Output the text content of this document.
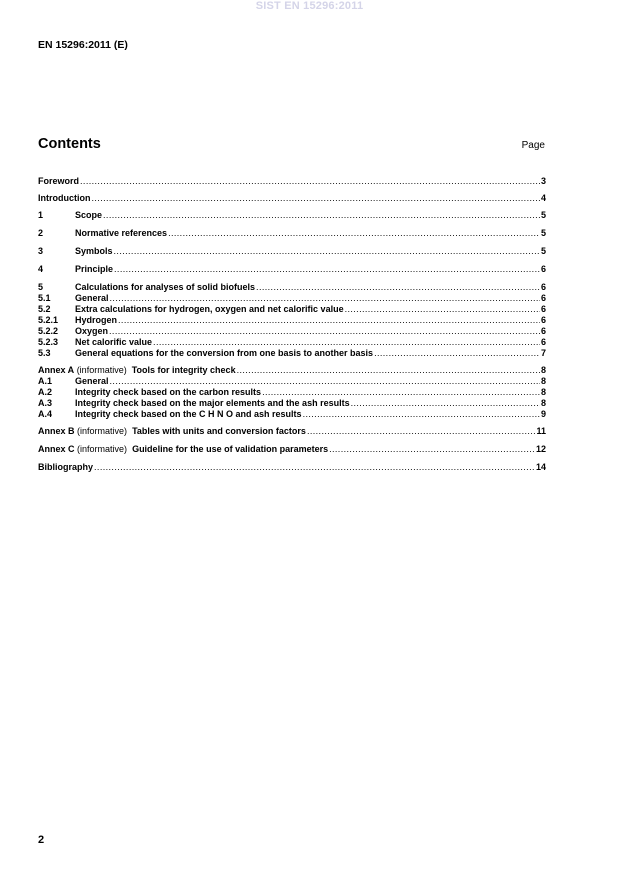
SIST EN 15296:2011
EN 15296:2011 (E)
Contents	Page
Foreword .....	3
Introduction .....	4
1	Scope .....	5
2	Normative references .....	5
3	Symbols .....	5
4	Principle .....	6
5	Calculations for analyses of solid biofuels .....	6
5.1	General .....	6
5.2	Extra calculations for hydrogen, oxygen and net calorific value .....	6
5.2.1	Hydrogen .....	6
5.2.2	Oxygen .....	6
5.2.3	Net calorific value .....	6
5.3	General equations for the conversion from one basis to another basis .....	7
Annex A (informative) Tools for integrity check .....	8
A.1	General .....	8
A.2	Integrity check based on the carbon results .....	8
A.3	Integrity check based on the major elements and the ash results .....	8
A.4	Integrity check based on the C H N O and ash results .....	9
Annex B (informative) Tables with units and conversion factors .....	11
Annex C (informative) Guideline for the use of validation parameters .....	12
Bibliography .....	14
2
